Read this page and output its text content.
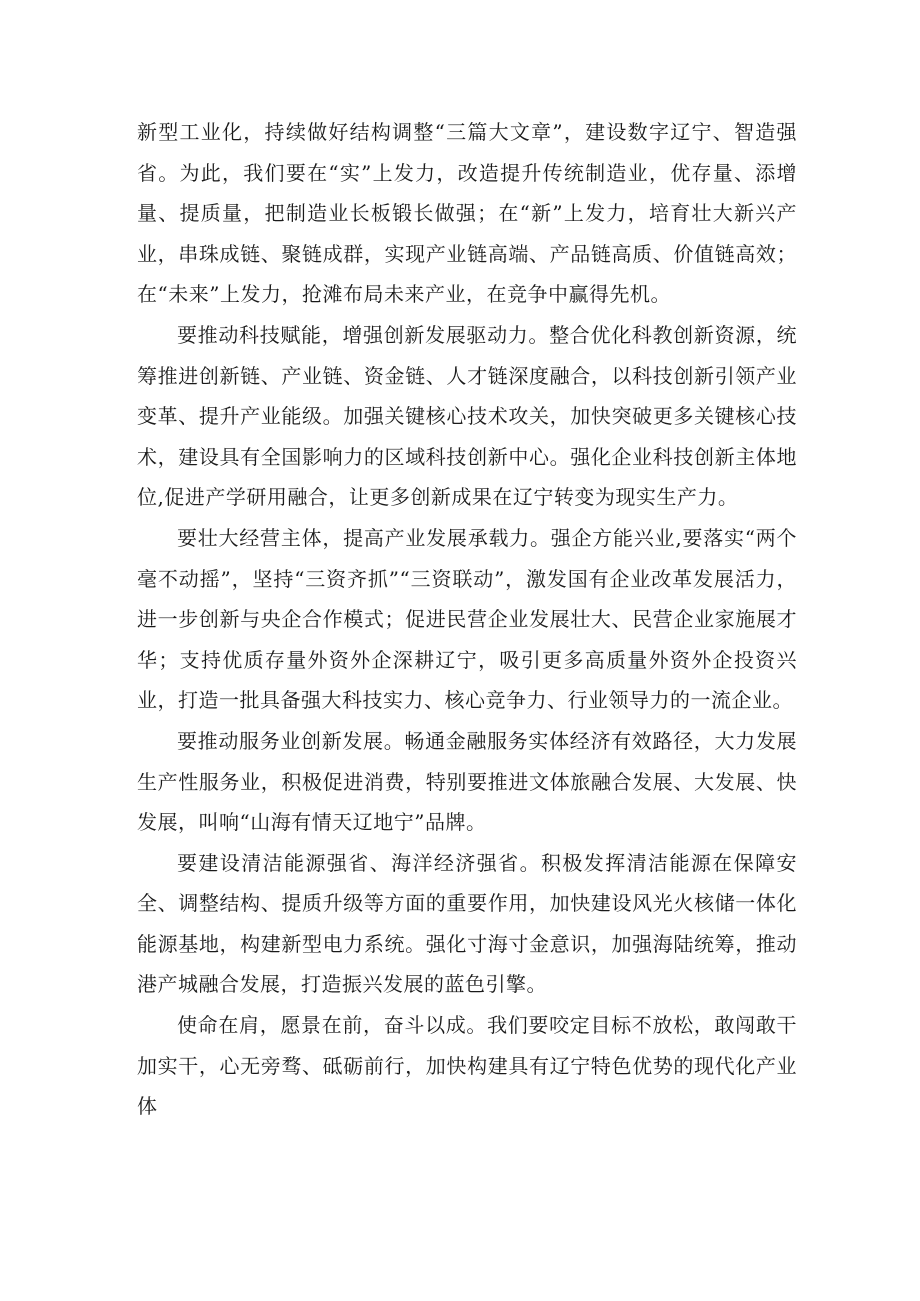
新型工业化，持续做好结构调整“三篇大文章”，建设数字辽宁、智造强省。为此，我们要在“实”上发力，改造提升传统制造业，优存量、添增量、提质量，把制造业长板锻长做强；在“新”上发力，培育壮大新兴产业，串珠成链、聚链成群，实现产业链高端、产品链高质、价值链高效；在“未来”上发力，抢滩布局未来产业，在竞争中赢得先机。

要推动科技赋能，增强创新发展驱动力。整合优化科教创新资源，统筹推进创新链、产业链、资金链、人才链深度融合，以科技创新引领产业变革、提升产业能级。加强关键核心技术攻关，加快突破更多关键核心技术，建设具有全国影响力的区域科技创新中心。强化企业科技创新主体地位,促进产学研用融合，让更多创新成果在辽宁转变为现实生产力。

要壮大经营主体，提高产业发展承载力。强企方能兴业,要落实“两个毫不动摇”，坚持“三资齐抓”“三资联动”，激发国有企业改革发展活力，进一步创新与央企合作模式；促进民营企业发展壮大、民营企业家施展才华；支持优质存量外资外企深耕辽宁，吸引更多高质量外资外企投资兴业，打造一批具备强大科技实力、核心竞争力、行业领导力的一流企业。

要推动服务业创新发展。畅通金融服务实体经济有效路径，大力发展生产性服务业，积极促进消费，特别要推进文体旅融合发展、大发展、快发展，叫响“山海有情天辽地宁”品牌。

要建设清洁能源强省、海洋经济强省。积极发挥清洁能源在保障安全、调整结构、提质升级等方面的重要作用，加快建设风光火核储一体化能源基地，构建新型电力系统。强化寸海寸金意识，加强海陆统筹，推动港产城融合发展，打造振兴发展的蓝色引擎。

使命在肩，愿景在前，奋斗以成。我们要咬定目标不放松，敢闯敢干加实干，心无旁骛、砥砺前行，加快构建具有辽宁特色优势的现代化产业体
